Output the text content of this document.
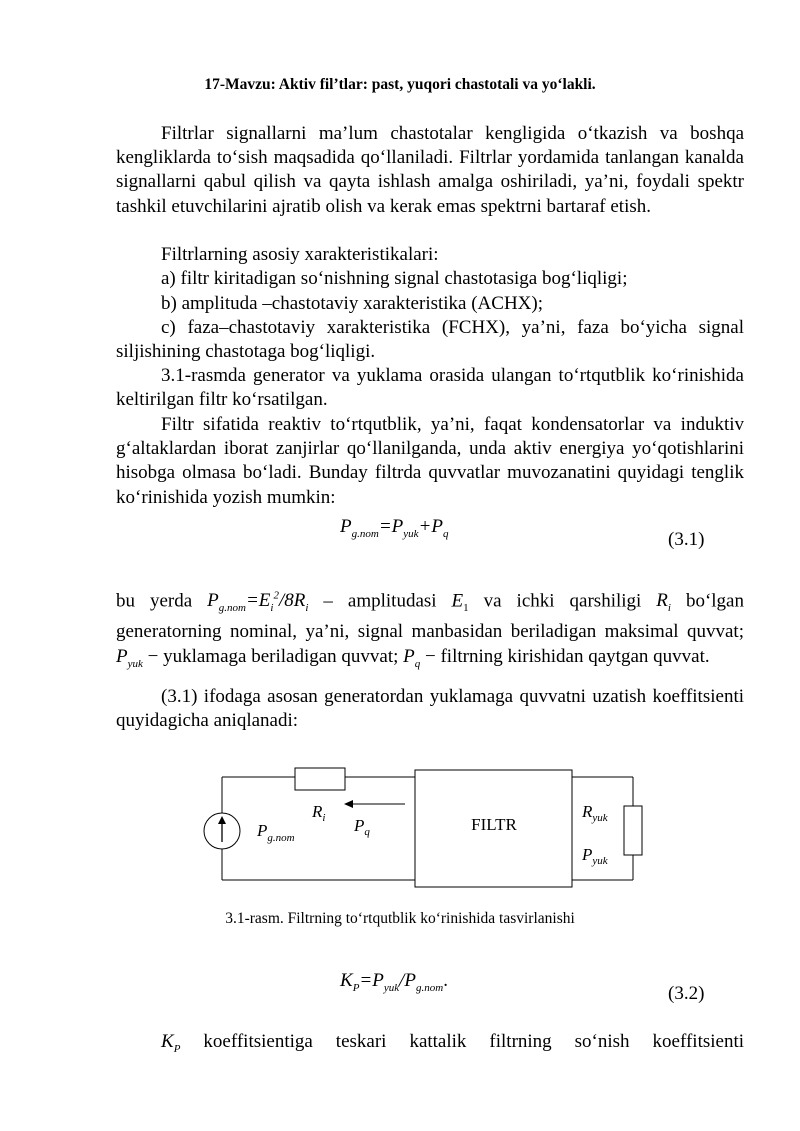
17-Mavzu: Aktiv fil’tlar: past, yuqori chastotali va yo‘lakli.
Filtrlar signallarni ma’lum chastotalar kengligida o‘tkazish va boshqa kengliklarda to‘sish maqsadida qo‘llaniladi. Filtrlar yordamida tanlangan kanalda signallarni qabul qilish va qayta ishlash amalga oshiriladi, ya’ni, foydali spektr tashkil etuvchilarini ajratib olish va kerak emas spektrni bartaraf etish.
Filtrlarning asosiy xarakteristikalari:
a) filtr kiritadigan so‘nishning signal chastotasiga bog‘liqligi;
b) amplituda –chastotaviy xarakteristika (ACHX);
c) faza–chastotaviy xarakteristika (FCHX), ya’ni, faza bo‘yicha signal siljishining chastotaga bog‘liqligi.
3.1-rasmda generator va yuklama orasida ulangan to‘rtqutblik ko‘rinishida keltirilgan filtr ko‘rsatilgan.
Filtr sifatida reaktiv to‘rtqutblik, ya’ni, faqat kondensatorlar va induktiv g‘altaklardan iborat zanjirlar qo‘llanilganda, unda aktiv energiya yo‘qotishlarini hisobga olmasa bo‘ladi. Bunday filtrda quvvatlar muvozanatini quyidagi tenglik ko‘rinishida yozish mumkin:
$P_{g.nom}=P_{yuk}+P_q$	(3.1)
bu yerda $P_{g.nom}=E_i^2/8R_i$ – amplitudasi $E_1$ va ichki qarshiligi $R_i$ bo‘lgan generatorning nominal, ya’ni, signal manbasidan beriladigan maksimal quvvat; $P_{yuk}$ − yuklamaga beriladigan quvvat; $P_q$ − filtrning kirishidan qaytgan quvvat.
(3.1) ifodaga asosan generatordan yuklamaga quvvatni uzatish koeffitsienti quyidagicha aniqlanadi:
FILTR
$R_i$ $P_q$
$P_{g.nom}$
$R_{yuk}$
$P_{yuk}$
3.1-rasm. Filtrning to‘rtqutblik ko‘rinishida tasvirlanishi
$K_P=P_{yuk}/P_{g.nom}$.
(3.2)
$K_P$ koeffitsientiga teskari kattalik filtrning so‘nish koeffitsienti
